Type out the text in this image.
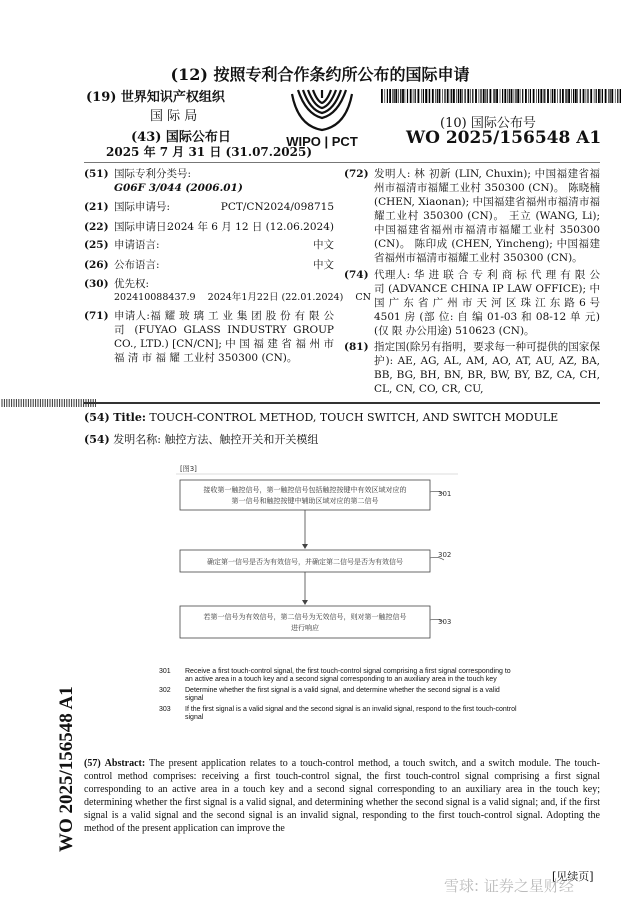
(12) 按照专利合作条约所公布的国际申请
(19) 世界知识产权组织
国 际 局
(43) 国际公布日
2025 年 7 月 31 日 (31.07.2025)
WIPO | PCT
(10) 国际公布号
WO 2025/156548 A1
(51) 国际专利分类号:
G06F 3/044 (2006.01)
(21) 国际申请号:	PCT/CN2024/098715
(22) 国际申请日:
2024 年 6 月 12 日 (12.06.2024)
(25) 申请语言:	中文
(26) 公布语言:	中文
(30) 优先权:
202410088437.9    2024年1月22日 (22.01.2024)    CN
(71) 申请人:福 耀 玻 璃 工 业 集 团 股 份 有 限 公 司 (FUYAO GLASS INDUSTRY GROUP CO., LTD.) [CN/CN]; 中 国 福 建 省 福 州 市 福 清 市 福 耀 工业村 350300 (CN)。
(72) 发明人: 林 初新 (LIN, Chuxin); 中国福建省福州市福清市福耀工业村 350300 (CN)。 陈晓楠 (CHEN, Xiaonan); 中国福建省福州市福清市福耀工业村 350300 (CN)。 王立 (WANG, Li); 中国福建省福州市福清市福耀工业村 350300 (CN)。 陈印成 (CHEN, Yincheng); 中国福建省福州市福清市福耀工业村 350300 (CN)。
(74) 代理人: 华 进 联 合 专 利 商 标 代 理 有 限 公 司 (ADVANCE CHINA IP LAW OFFICE); 中 国 广 东 省 广 州 市 天 河 区 珠 江 东 路 6 号 4501 房 (部 位: 自 编 01-03 和 08-12 单 元) (仅 限 办公用途) 510623 (CN)。
(81) 指定国(除另有指明，要求每一种可提供的国家保护): AE, AG, AL, AM, AO, AT, AU, AZ, BA, BB, BG, BH, BN, BR, BW, BY, BZ, CA, CH, CL, CN, CO, CR, CU,
(54) Title: TOUCH-CONTROL METHOD, TOUCH SWITCH, AND SWITCH MODULE
(54) 发明名称: 触控方法、触控开关和开关模组
[图3]
接收第一触控信号，第一触控信号包括触控按键中有效区域对应的
第一信号和触控按键中辅助区域对应的第二信号
301
确定第一信号是否为有效信号，并确定第二信号是否为有效信号
302
若第一信号为有效信号，第二信号为无效信号，则对第一触控信号
进行响应
303
301	Receive a first touch-control signal, the first touch-control signal comprising a first signal corresponding to an active area in a touch key and a second signal corresponding to an auxiliary area in the touch key
302	Determine whether the first signal is a valid signal, and determine whether the second signal is a valid signal
303	If the first signal is a valid signal and the second signal is an invalid signal, respond to the first touch-control signal
WO 2025/156548 A1 (57) Abstract: The present application relates to a touch-control method, a touch switch, and a switch module. The touch-control method comprises: receiving a first touch-control signal, the first touch-control signal comprising a first signal corresponding to an active area in a touch key and a second signal corresponding to an auxiliary area in the touch key; determining whether the first signal is a valid signal, and determining whether the second signal is a valid signal; and, if the first signal is a valid signal and the second signal is an invalid signal, responding to the first touch-control signal. Adopting the method of the present application can improve the
[见续页]
雪球: 证券之星财经
